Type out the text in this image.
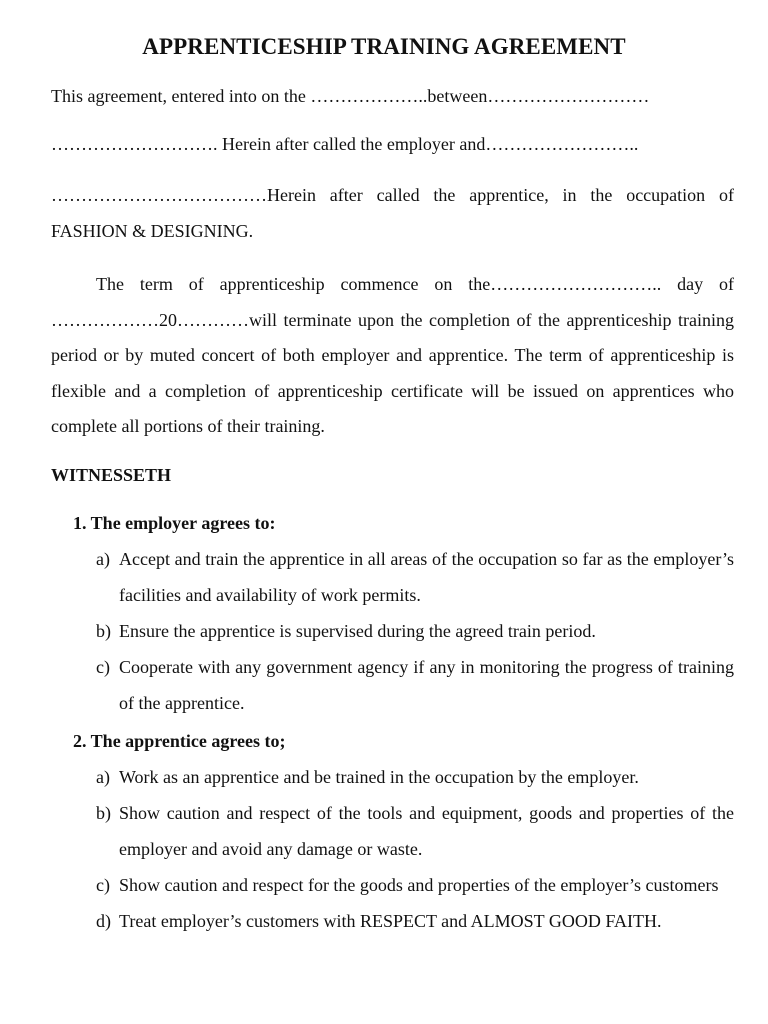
APPRENTICESHIP TRAINING AGREEMENT

This agreement, entered into on the ………………..between………………………

………………………. Herein after called the employer and……………………..

………………………………Herein after called the apprentice, in the occupation of FASHION & DESIGNING.

The term of apprenticeship commence on the……………………….. day of ………………20…………will terminate upon the completion of the apprenticeship training period or by muted concert of both employer and apprentice. The term of apprenticeship is flexible and a completion of apprenticeship certificate will be issued on apprentices who complete all portions of their training.

WITNESSETH
1. The employer agrees to:
a) Accept and train the apprentice in all areas of the occupation so far as the employer’s facilities and availability of work permits.
b) Ensure the apprentice is supervised during the agreed train period.
c) Cooperate with any government agency if any in monitoring the progress of training of the apprentice.
2. The apprentice agrees to;
a) Work as an apprentice and be trained in the occupation by the employer.
b) Show caution and respect of the tools and equipment, goods and properties of the employer and avoid any damage or waste.
c) Show caution and respect for the goods and properties of the employer’s customers
d) Treat employer’s customers with RESPECT and ALMOST GOOD FAITH.
